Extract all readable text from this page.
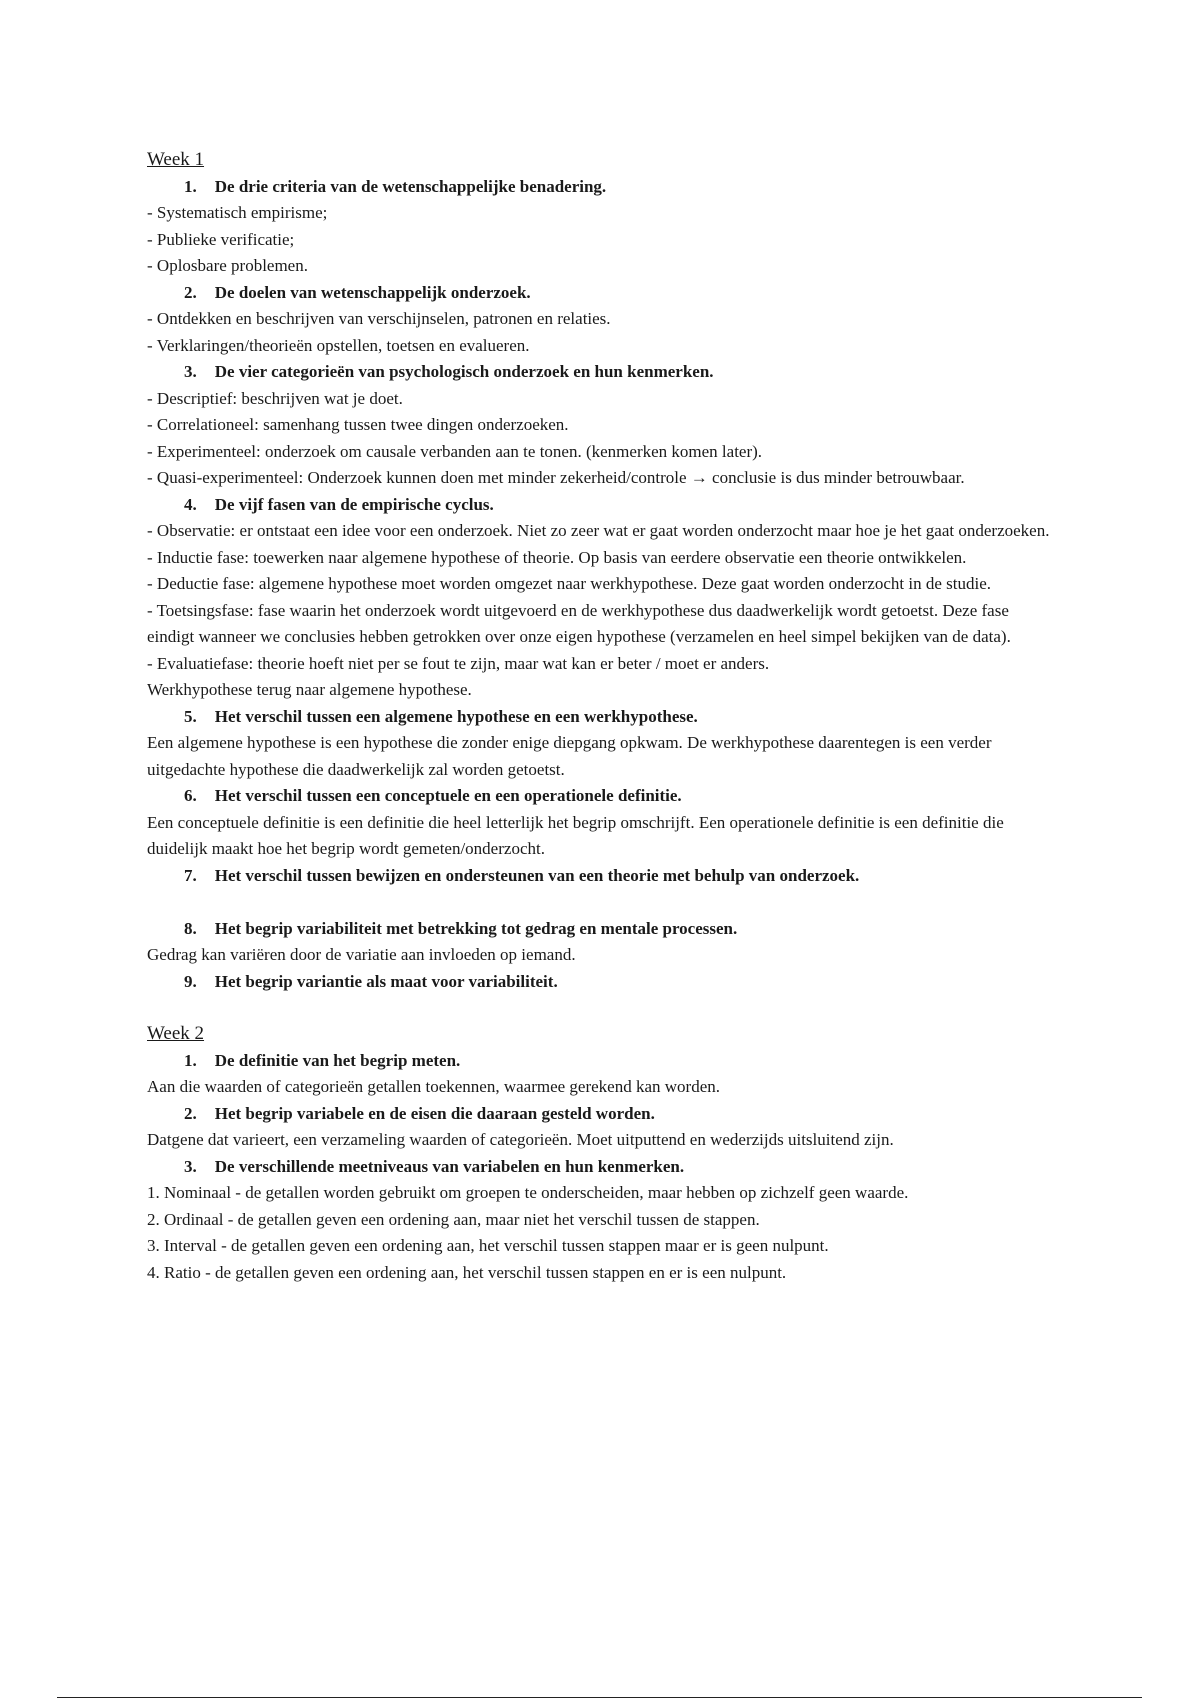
Week 1
1. De drie criteria van de wetenschappelijke benadering.
- Systematisch empirisme;
- Publieke verificatie;
- Oplosbare problemen.
2. De doelen van wetenschappelijk onderzoek.
- Ontdekken en beschrijven van verschijnselen, patronen en relaties.
- Verklaringen/theorieën opstellen, toetsen en evalueren.
3. De vier categorieën van psychologisch onderzoek en hun kenmerken.
- Descriptief: beschrijven wat je doet.
- Correlationeel: samenhang tussen twee dingen onderzoeken.
- Experimenteel: onderzoek om causale verbanden aan te tonen. (kenmerken komen later).
- Quasi-experimenteel: Onderzoek kunnen doen met minder zekerheid/controle → conclusie is dus minder betrouwbaar.
4. De vijf fasen van de empirische cyclus.
- Observatie: er ontstaat een idee voor een onderzoek. Niet zo zeer wat er gaat worden onderzocht maar hoe je het gaat onderzoeken.
- Inductie fase: toewerken naar algemene hypothese of theorie. Op basis van eerdere observatie een theorie ontwikkelen.
- Deductie fase: algemene hypothese moet worden omgezet naar werkhypothese. Deze gaat worden onderzocht in de studie.
- Toetsingsfase: fase waarin het onderzoek wordt uitgevoerd en de werkhypothese dus daadwerkelijk wordt getoetst. Deze fase eindigt wanneer we conclusies hebben getrokken over onze eigen hypothese (verzamelen en heel simpel bekijken van de data).
- Evaluatiefase: theorie hoeft niet per se fout te zijn, maar wat kan er beter / moet er anders.
Werkhypothese terug naar algemene hypothese.
5. Het verschil tussen een algemene hypothese en een werkhypothese.
Een algemene hypothese is een hypothese die zonder enige diepgang opkwam. De werkhypothese daarentegen is een verder uitgedachte hypothese die daadwerkelijk zal worden getoetst.
6. Het verschil tussen een conceptuele en een operationele definitie.
Een conceptuele definitie is een definitie die heel letterlijk het begrip omschrijft. Een operationele definitie is een definitie die duidelijk maakt hoe het begrip wordt gemeten/onderzocht.
7. Het verschil tussen bewijzen en ondersteunen van een theorie met behulp van onderzoek.
8. Het begrip variabiliteit met betrekking tot gedrag en mentale processen.
Gedrag kan variëren door de variatie aan invloeden op iemand.
9. Het begrip variantie als maat voor variabiliteit.
Week 2
1. De definitie van het begrip meten.
Aan die waarden of categorieën getallen toekennen, waarmee gerekend kan worden.
2. Het begrip variabele en de eisen die daaraan gesteld worden.
Datgene dat varieert, een verzameling waarden of categorieën. Moet uitputtend en wederzijds uitsluitend zijn.
3. De verschillende meetniveaus van variabelen en hun kenmerken.
1. Nominaal - de getallen worden gebruikt om groepen te onderscheiden, maar hebben op zichzelf geen waarde.
2. Ordinaal - de getallen geven een ordening aan, maar niet het verschil tussen de stappen.
3. Interval - de getallen geven een ordening aan, het verschil tussen stappen maar er is geen nulpunt.
4. Ratio - de getallen geven een ordening aan, het verschil tussen stappen en er is een nulpunt.
